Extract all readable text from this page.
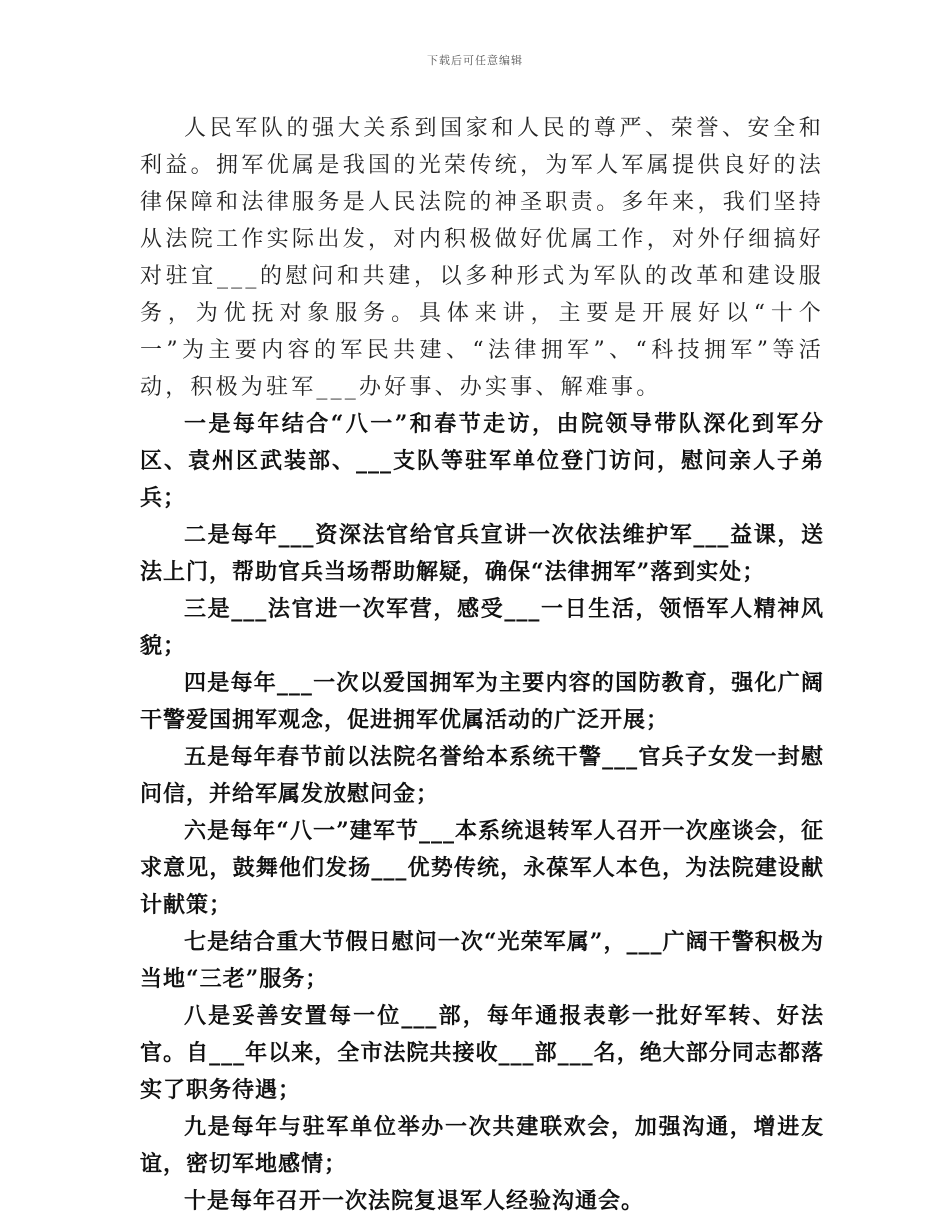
下载后可任意编辑

人民军队的强大关系到国家和人民的尊严、荣誉、安全和利益。拥军优属是我国的光荣传统，为军人军属提供良好的法律保障和法律服务是人民法院的神圣职责。多年来，我们坚持从法院工作实际出发，对内积极做好优属工作，对外仔细搞好对驻宜___的慰问和共建，以多种形式为军队的改革和建设服务，为优抚对象服务。具体来讲，主要是开展好以“十个一”为主要内容的军民共建、“法律拥军”、“科技拥军”等活动，积极为驻军___办好事、办实事、解难事。

一是每年结合“八一”和春节走访，由院领导带队深化到军分区、袁州区武装部、___支队等驻军单位登门访问，慰问亲人子弟兵；

二是每年___资深法官给官兵宣讲一次依法维护军___益课，送法上门，帮助官兵当场帮助解疑，确保“法律拥军”落到实处；

三是___法官进一次军营，感受___一日生活，领悟军人精神风貌；

四是每年___一次以爱国拥军为主要内容的国防教育，强化广阔干警爱国拥军观念，促进拥军优属活动的广泛开展；

五是每年春节前以法院名誉给本系统干警___官兵子女发一封慰问信，并给军属发放慰问金；

六是每年“八一”建军节___本系统退转军人召开一次座谈会，征求意见，鼓舞他们发扬___优势传统，永葆军人本色，为法院建设献计献策；

七是结合重大节假日慰问一次“光荣军属”，___广阔干警积极为当地“三老”服务；

八是妥善安置每一位___部，每年通报表彰一批好军转、好法官。自___年以来，全市法院共接收___部___名，绝大部分同志都落实了职务待遇；

九是每年与驻军单位举办一次共建联欢会，加强沟通，增进友谊，密切军地感情；

十是每年召开一次法院复退军人经验沟通会。
